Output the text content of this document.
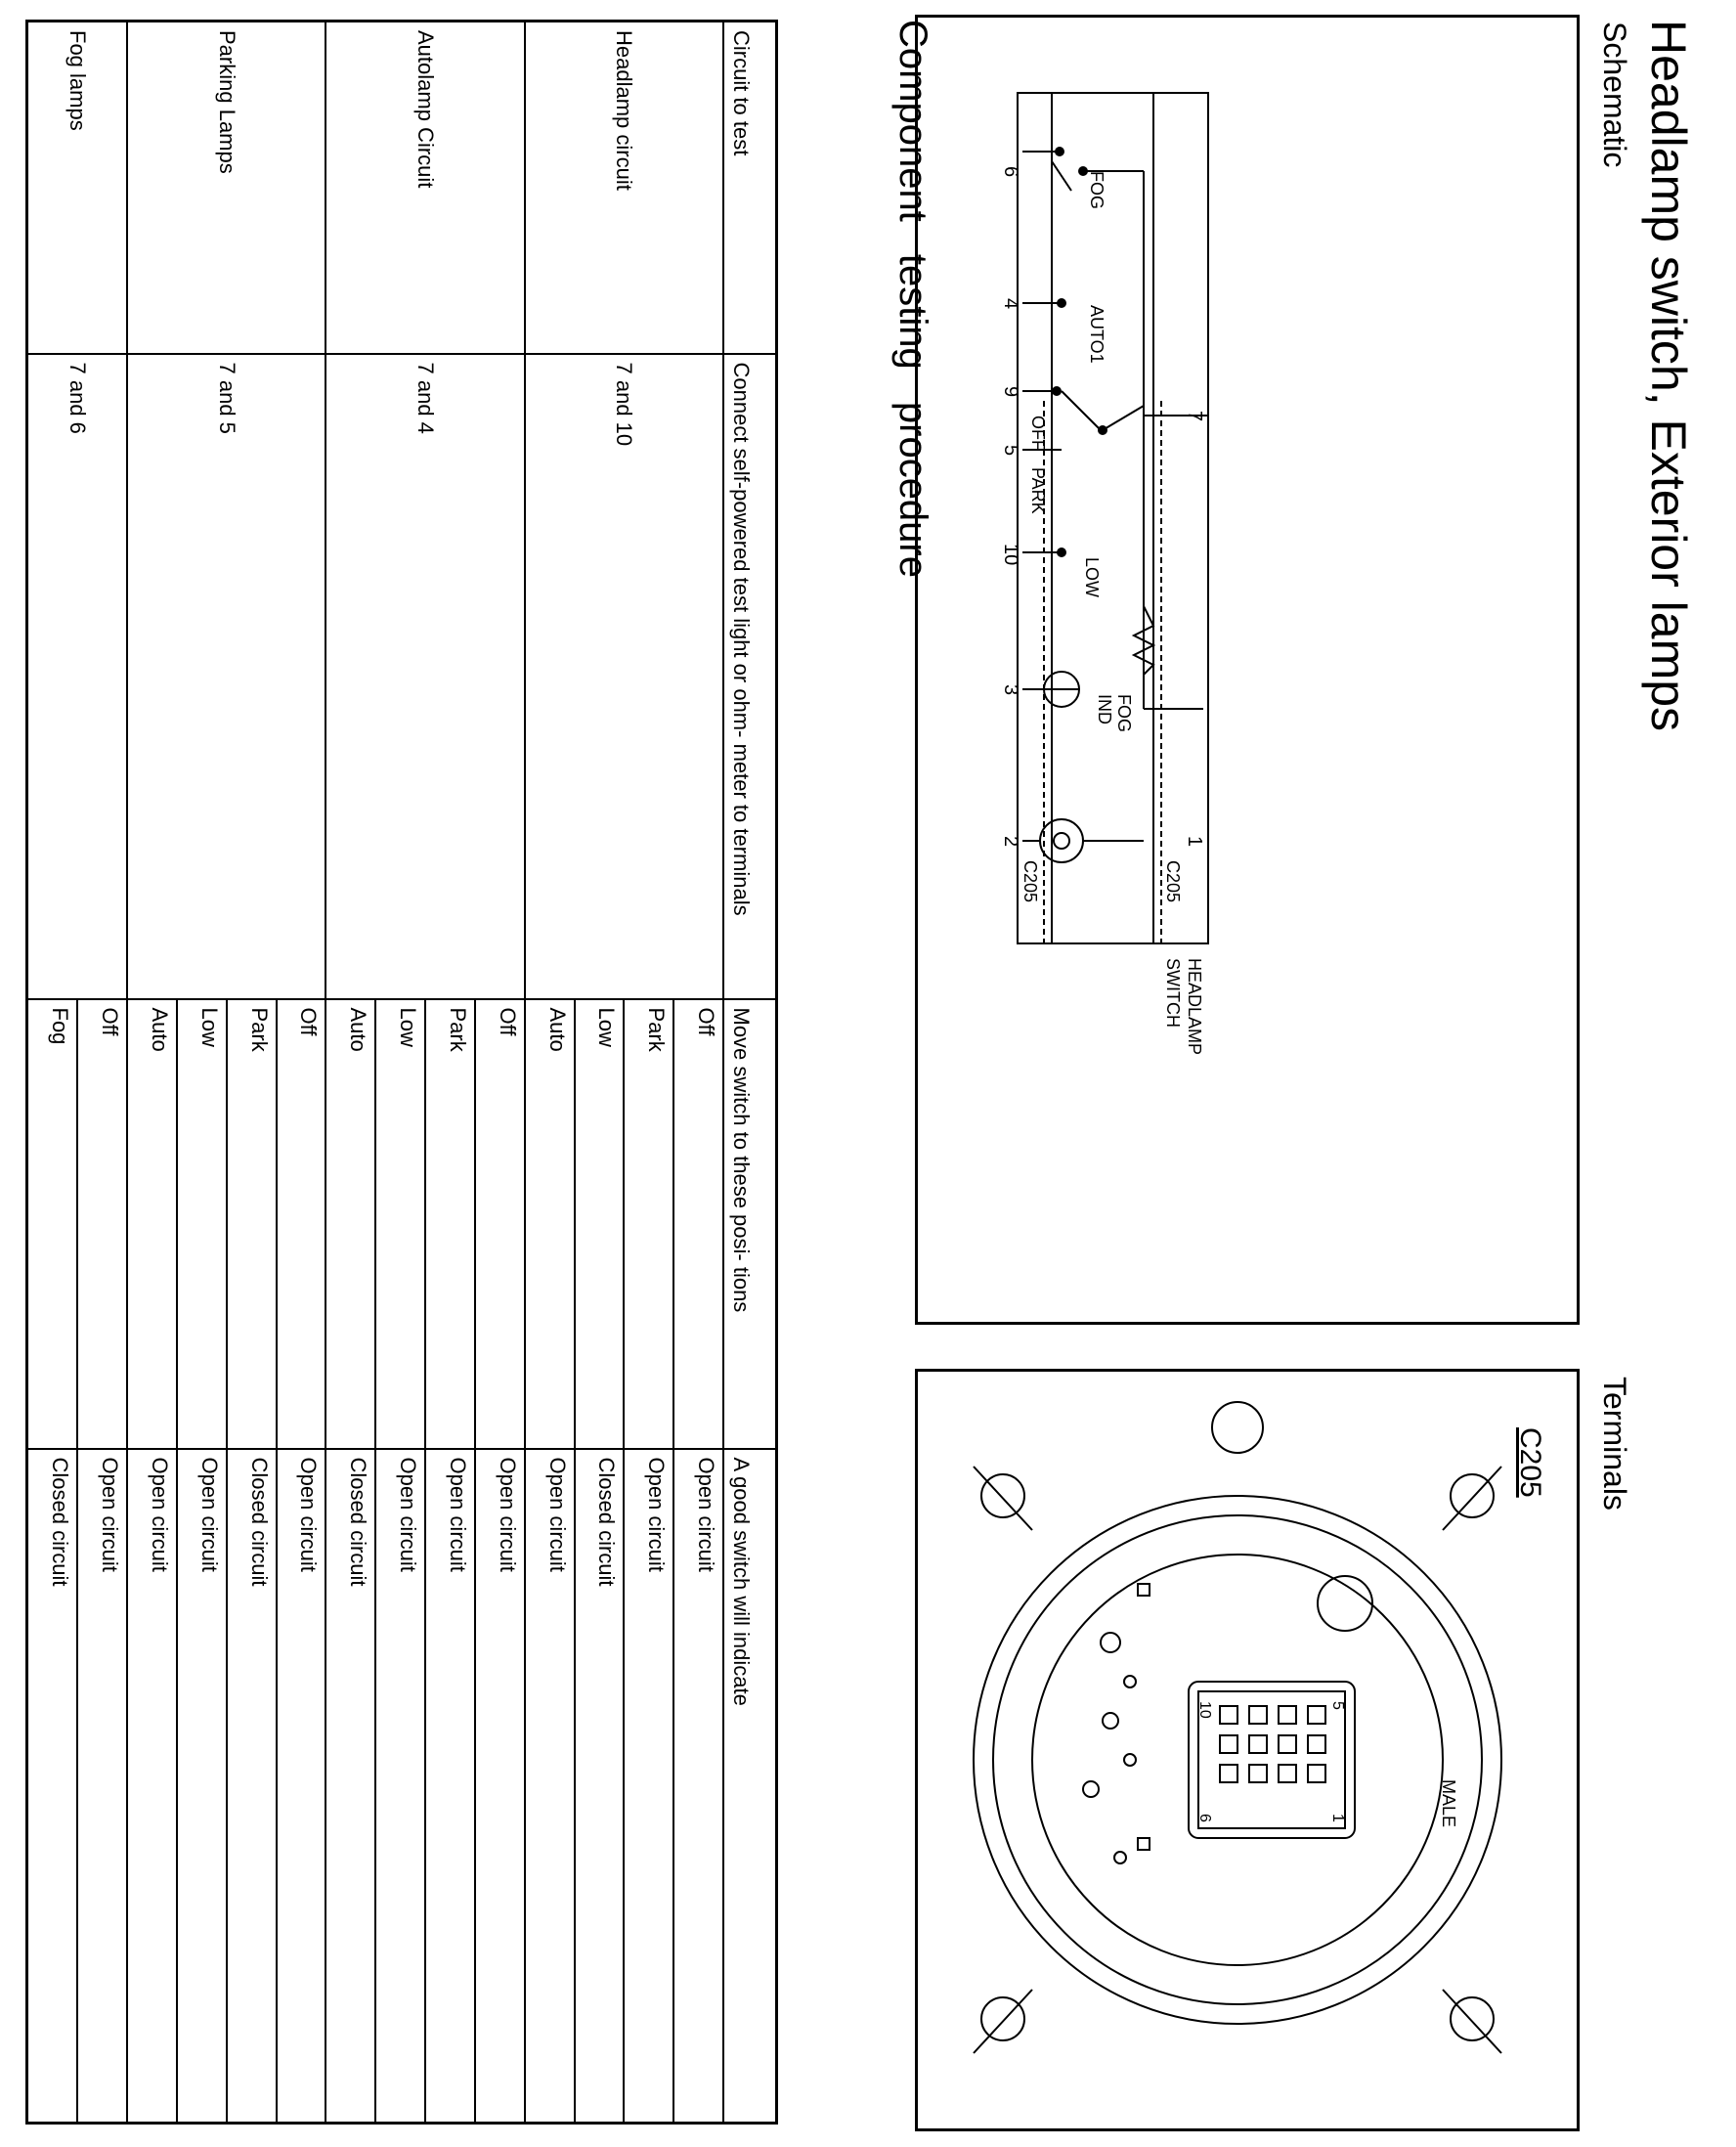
Headlamp switch, Exterior lamps
Schematic
Terminals
6
4
9
5
10
3
2
7
1
FOG
AUTO1
OFF
PARK
LOW
FOG
IND
C205
C205
HEADLAMP
SWITCH
C205
MALE
5
1
10
6
Component testing procedure
Circuit to test	Connect self-powered test light or ohm- meter to terminals	Move switch to these posi- tions	A good switch will indicate
Headlamp circuit	7 and 10	Off	Open circuit
		Park	Open circuit
		Low	Closed circuit
		Auto	Open circuit
Autolamp Circuit	7 and 4	Off	Open circuit
		Park	Open circuit
		Low	Open circuit
		Auto	Closed circuit
Parking Lamps	7 and 5	Off	Open circuit
		Park	Closed circuit
		Low	Open circuit
		Auto	Open circuit
Fog lamps	7 and 6	Off	Open circuit
		Fog	Closed circuit
